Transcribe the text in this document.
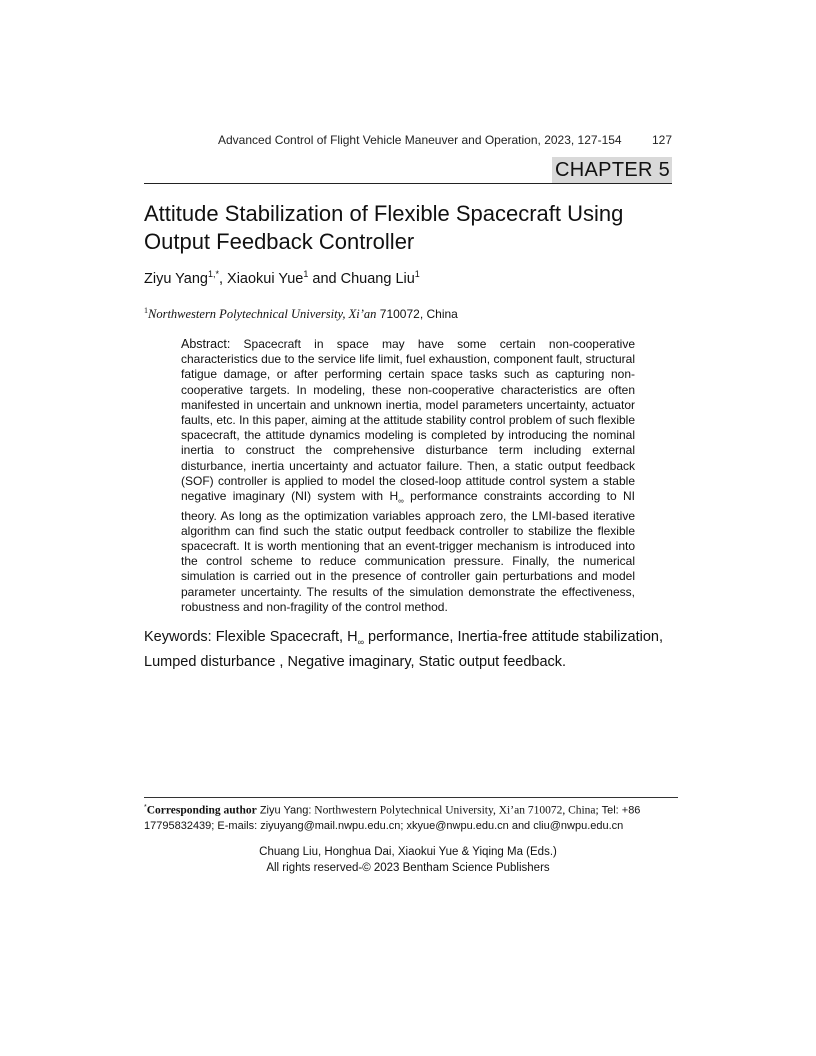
Advanced Control of Flight Vehicle Maneuver and Operation, 2023, 127-154	127
CHAPTER 5
Attitude Stabilization of Flexible Spacecraft Using Output Feedback Controller
Ziyu Yang$^{1,*}$, Xiaokui Yue$^1$ and Chuang Liu$^1$
$^1$Northwestern Polytechnical University, Xi’an 710072, China
Abstract: Spacecraft in space may have some certain non-cooperative characteristics due to the service life limit, fuel exhaustion, component fault, structural fatigue damage, or after performing certain space tasks such as capturing non-cooperative targets. In modeling, these non-cooperative characteristics are often manifested in uncertain and unknown inertia, model parameters uncertainty, actuator faults, etc. In this paper, aiming at the attitude stability control problem of such flexible spacecraft, the attitude dynamics modeling is completed by introducing the nominal inertia to construct the comprehensive disturbance term including external disturbance, inertia uncertainty and actuator failure. Then, a static output feedback (SOF) controller is applied to model the closed-loop attitude control system a stable negative imaginary (NI) system with $H_\infty$ performance constraints according to NI theory. As long as the optimization variables approach zero, the LMI-based iterative algorithm can find such the static output feedback controller to stabilize the flexible spacecraft. It is worth mentioning that an event-trigger mechanism is introduced into the control scheme to reduce communication pressure. Finally, the numerical simulation is carried out in the presence of controller gain perturbations and model parameter uncertainty. The results of the simulation demonstrate the effectiveness, robustness and non-fragility of the control method.
Keywords: Flexible Spacecraft, $H_\infty$ performance, Inertia-free attitude stabilization, Lumped disturbance , Negative imaginary, Static output feedback.
*Corresponding author Ziyu Yang: Northwestern Polytechnical University, Xi’an 710072, China; Tel: +86 17795832439; E-mails: ziyuyang@mail.nwpu.edu.cn; xkyue@nwpu.edu.cn and cliu@nwpu.edu.cn
Chuang Liu, Honghua Dai, Xiaokui Yue & Yiqing Ma (Eds.)
All rights reserved-© 2023 Bentham Science Publishers
